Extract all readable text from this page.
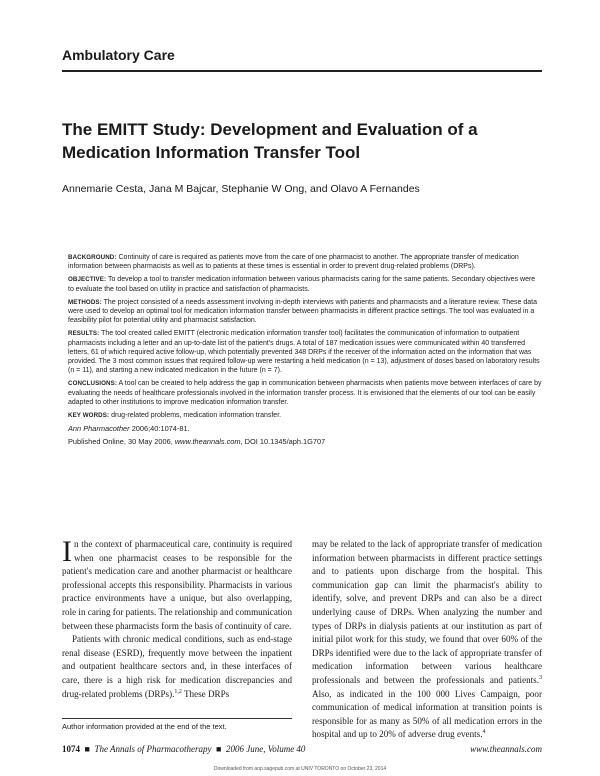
Ambulatory Care
The EMITT Study: Development and Evaluation of a Medication Information Transfer Tool
Annemarie Cesta, Jana M Bajcar, Stephanie W Ong, and Olavo A Fernandes

BACKGROUND: Continuity of care is required as patients move from the care of one pharmacist to another. The appropriate transfer of medication information between pharmacists as well as to patients at these times is essential in order to prevent drug-related problems (DRPs).

OBJECTIVE: To develop a tool to transfer medication information between various pharmacists caring for the same patients. Secondary objectives were to evaluate the tool based on utility in practice and satisfaction of pharmacists.

METHODS: The project consisted of a needs assessment involving in-depth interviews with patients and pharmacists and a literature review. These data were used to develop an optimal tool for medication information transfer between pharmacists in different practice settings. The tool was evaluated in a feasibility pilot for potential utility and pharmacist satisfaction.

RESULTS: The tool created called EMITT (electronic medication information transfer tool) facilitates the communication of information to outpatient pharmacists including a letter and an up-to-date list of the patient's drugs. A total of 187 medication issues were communicated within 40 transferred letters, 61 of which required active follow-up, which potentially prevented 348 DRPs if the receiver of the information acted on the information that was provided. The 3 most common issues that required follow-up were restarting a held medication (n = 13), adjustment of doses based on laboratory results (n = 11), and starting a new indicated medication in the future (n = 7).

CONCLUSIONS: A tool can be created to help address the gap in communication between pharmacists when patients move between interfaces of care by evaluating the needs of healthcare professionals involved in the information transfer process. It is envisioned that the elements of our tool can be easily adapted to other institutions to improve medication information transfer.

KEY WORDS: drug-related problems, medication information transfer.

Ann Pharmacother 2006;40:1074-81.

Published Online, 30 May 2006, www.theannals.com, DOI 10.1345/aph.1G707

In the context of pharmaceutical care, continuity is required when one pharmacist ceases to be responsible for the patient's medication care and another pharmacist or healthcare professional accepts this responsibility. Pharmacists in various practice environments have a unique, but also overlapping, role in caring for patients. The relationship and communication between these pharmacists form the basis of continuity of care.

Patients with chronic medical conditions, such as end-stage renal disease (ESRD), frequently move between the inpatient and outpatient healthcare sectors and, in these interfaces of care, there is a high risk for medication discrepancies and drug-related problems (DRPs).$^{1,2}$ These DRPs

may be related to the lack of appropriate transfer of medication information between pharmacists in different practice settings and to patients upon discharge from the hospital. This communication gap can limit the pharmacist's ability to identify, solve, and prevent DRPs and can also be a direct underlying cause of DRPs. When analyzing the number and types of DRPs in dialysis patients at our institution as part of initial pilot work for this study, we found that over 60% of the DRPs identified were due to the lack of appropriate transfer of medication information between various healthcare professionals and between the professionals and patients.$^3$ Also, as indicated in the 100 000 Lives Campaign, poor communication of medical information at transition points is responsible for as many as 50% of all medication errors in the hospital and up to 20% of adverse drug events.$^4$

Author information provided at the end of the text.
1074  ■  The Annals of Pharmacotherapy  ■  2006 June, Volume 40	www.theannals.com
Downloaded from aop.sagepub.com at UNIV TORONTO on October 23, 2014
